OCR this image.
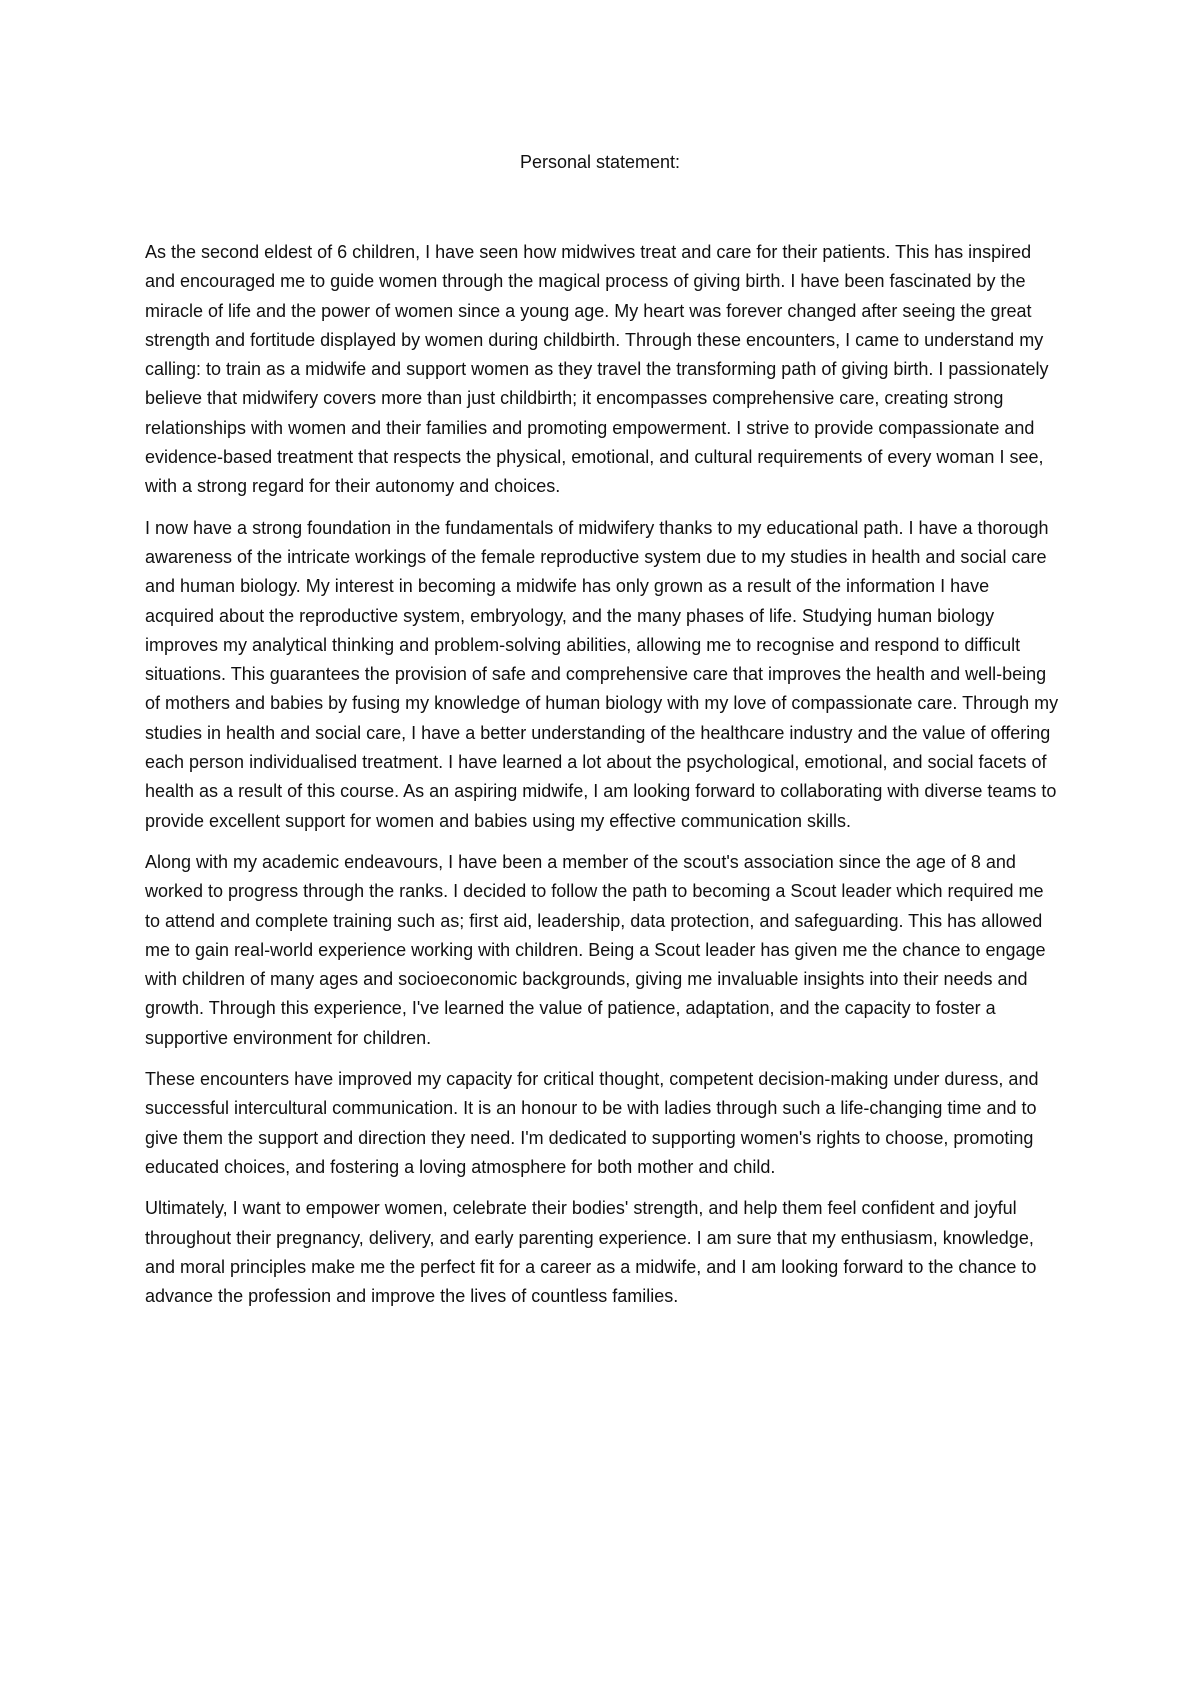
Personal statement:

As the second eldest of 6 children, I have seen how midwives treat and care for their patients. This has inspired and encouraged me to guide women through the magical process of giving birth. I have been fascinated by the miracle of life and the power of women since a young age. My heart was forever changed after seeing the great strength and fortitude displayed by women during childbirth. Through these encounters, I came to understand my calling: to train as a midwife and support women as they travel the transforming path of giving birth. I passionately believe that midwifery covers more than just childbirth; it encompasses comprehensive care, creating strong relationships with women and their families and promoting empowerment. I strive to provide compassionate and evidence-based treatment that respects the physical, emotional, and cultural requirements of every woman I see, with a strong regard for their autonomy and choices.

I now have a strong foundation in the fundamentals of midwifery thanks to my educational path. I have a thorough awareness of the intricate workings of the female reproductive system due to my studies in health and social care and human biology. My interest in becoming a midwife has only grown as a result of the information I have acquired about the reproductive system, embryology, and the many phases of life. Studying human biology improves my analytical thinking and problem-solving abilities, allowing me to recognise and respond to difficult situations. This guarantees the provision of safe and comprehensive care that improves the health and well-being of mothers and babies by fusing my knowledge of human biology with my love of compassionate care. Through my studies in health and social care, I have a better understanding of the healthcare industry and the value of offering each person individualised treatment. I have learned a lot about the psychological, emotional, and social facets of health as a result of this course. As an aspiring midwife, I am looking forward to collaborating with diverse teams to provide excellent support for women and babies using my effective communication skills.

Along with my academic endeavours, I have been a member of the scout's association since the age of 8 and worked to progress through the ranks. I decided to follow the path to becoming a Scout leader which required me to attend and complete training such as; first aid, leadership, data protection, and safeguarding. This has allowed me to gain real-world experience working with children. Being a Scout leader has given me the chance to engage with children of many ages and socioeconomic backgrounds, giving me invaluable insights into their needs and growth. Through this experience, I've learned the value of patience, adaptation, and the capacity to foster a supportive environment for children.

These encounters have improved my capacity for critical thought, competent decision-making under duress, and successful intercultural communication. It is an honour to be with ladies through such a life-changing time and to give them the support and direction they need. I'm dedicated to supporting women's rights to choose, promoting educated choices, and fostering a loving atmosphere for both mother and child.

Ultimately, I want to empower women, celebrate their bodies' strength, and help them feel confident and joyful throughout their pregnancy, delivery, and early parenting experience. I am sure that my enthusiasm, knowledge, and moral principles make me the perfect fit for a career as a midwife, and I am looking forward to the chance to advance the profession and improve the lives of countless families.
